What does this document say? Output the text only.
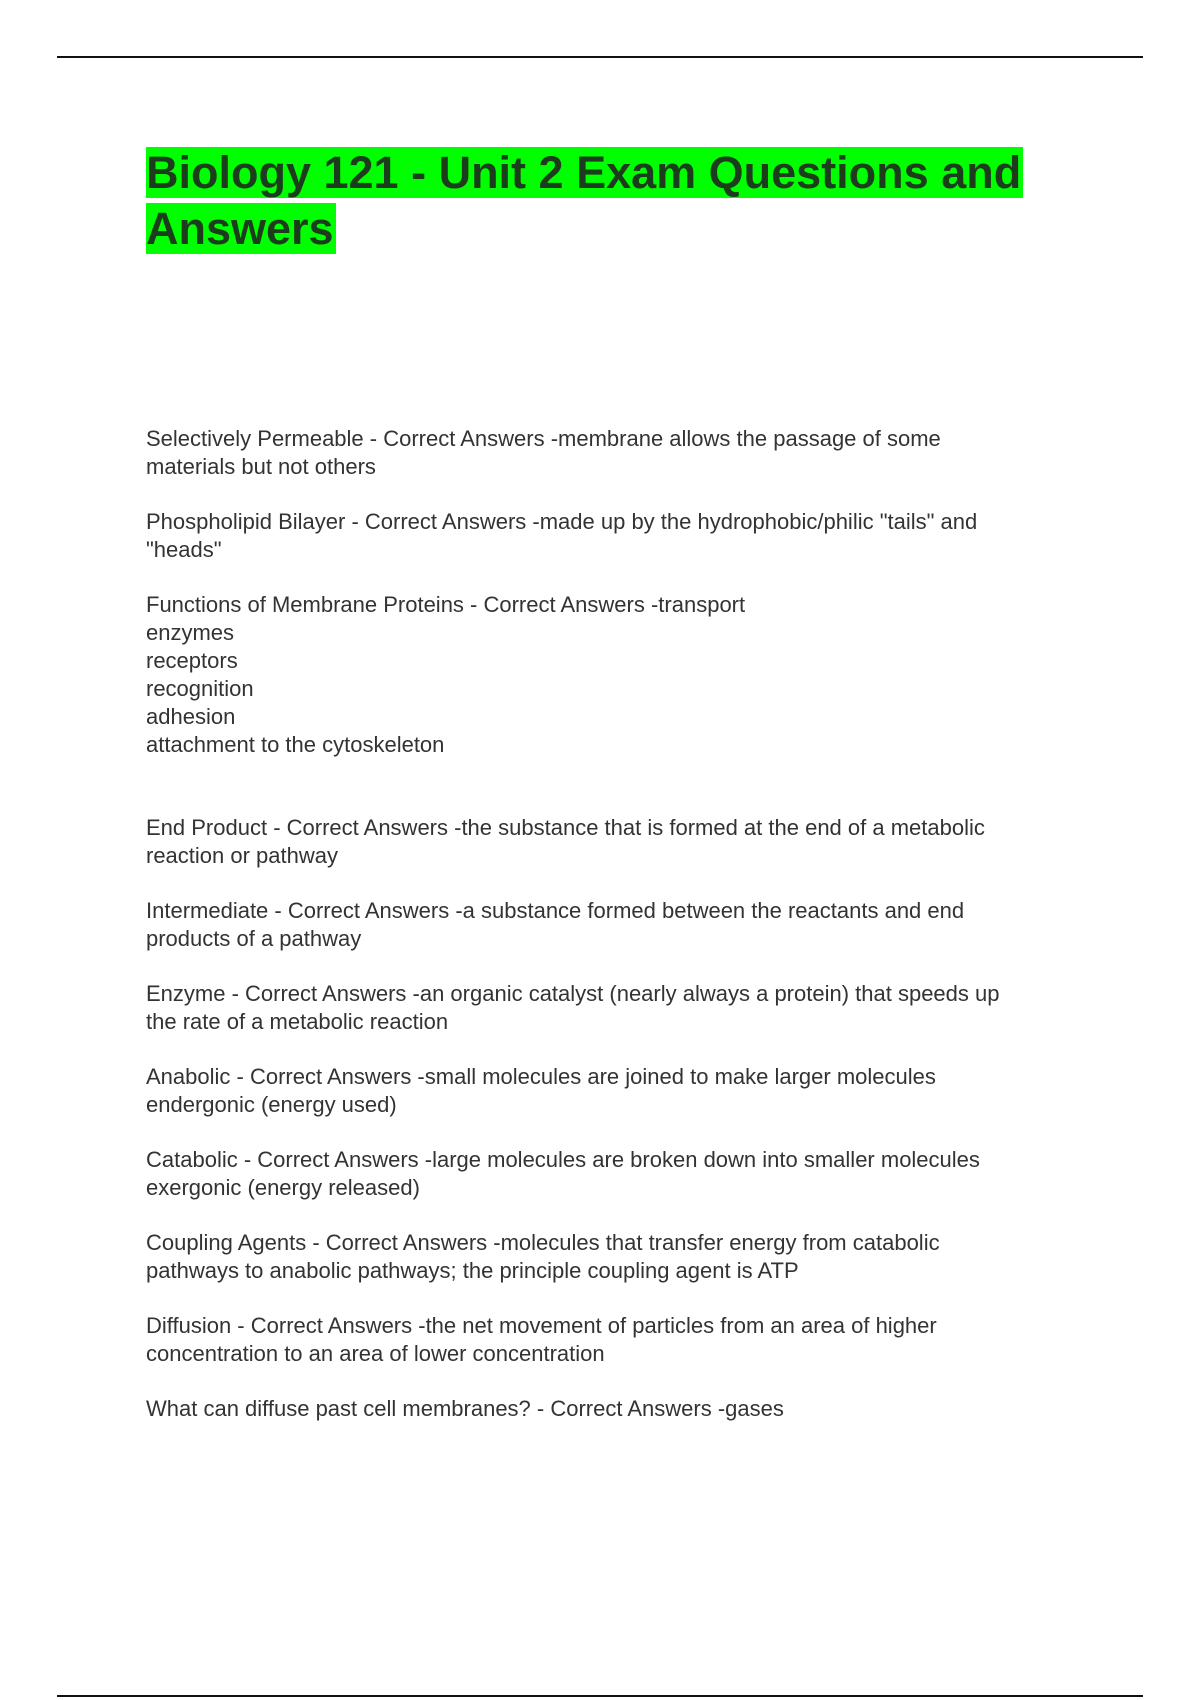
Biology 121 - Unit 2 Exam Questions and Answers

Selectively Permeable - Correct Answers -membrane allows the passage of some
materials but not others

Phospholipid Bilayer - Correct Answers -made up by the hydrophobic/philic "tails" and
"heads"

Functions of Membrane Proteins - Correct Answers -transport
enzymes
receptors
recognition
adhesion
attachment to the cytoskeleton

End Product - Correct Answers -the substance that is formed at the end of a metabolic
reaction or pathway

Intermediate - Correct Answers -a substance formed between the reactants and end
products of a pathway

Enzyme - Correct Answers -an organic catalyst (nearly always a protein) that speeds up
the rate of a metabolic reaction

Anabolic - Correct Answers -small molecules are joined to make larger molecules
endergonic (energy used)

Catabolic - Correct Answers -large molecules are broken down into smaller molecules
exergonic (energy released)

Coupling Agents - Correct Answers -molecules that transfer energy from catabolic
pathways to anabolic pathways; the principle coupling agent is ATP

Diffusion - Correct Answers -the net movement of particles from an area of higher
concentration to an area of lower concentration

What can diffuse past cell membranes? - Correct Answers -gases
